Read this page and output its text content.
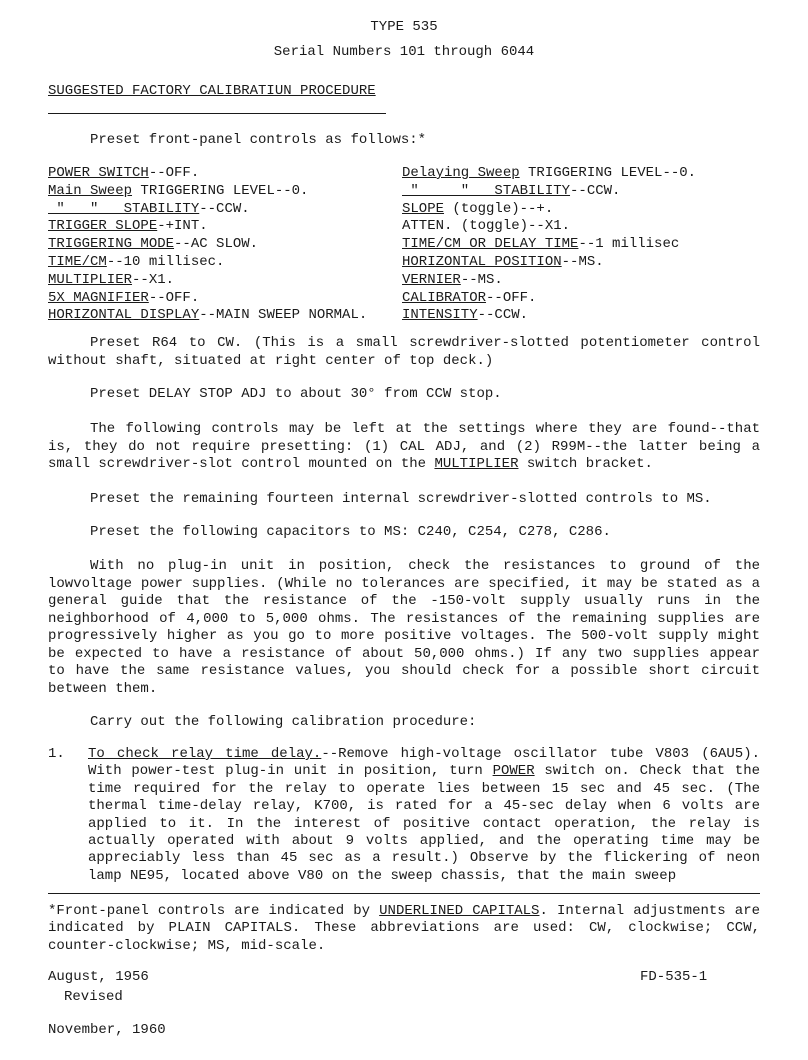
TYPE 535
Serial Numbers 101 through 6044
SUGGESTED FACTORY CALIBRATIUN PROCEDURE
Preset front-panel controls as follows:*
POWER SWITCH--OFF.
Main Sweep TRIGGERING LEVEL--0.
"   "   STABILITY--CCW.
TRIGGER SLOPE-+INT.
TRIGGERING MODE--AC SLOW.
TIME/CM--10 millisec.
MULTIPLIER--X1.
5X MAGNIFIER--OFF.
HORIZONTAL DISPLAY--MAIN SWEEP NORMAL.
Delaying Sweep TRIGGERING LEVEL--0.
"     "   STABILITY--CCW.
SLOPE (toggle)--+.
ATTEN. (toggle)--X1.
TIME/CM OR DELAY TIME--1 millisec
HORIZONTAL POSITION--MS.
VERNIER--MS.
CALIBRATOR--OFF.
INTENSITY--CCW.
Preset R64 to CW. (This is a small screwdriver-slotted potentiometer control without shaft, situated at right center of top deck.)
Preset DELAY STOP ADJ to about 30° from CCW stop.
The following controls may be left at the settings where they are found--that is, they do not require presetting: (1) CAL ADJ, and (2) R99M--the latter being a small screwdriver-slot control mounted on the MULTIPLIER switch bracket.
Preset the remaining fourteen internal screwdriver-slotted controls to MS.
Preset the following capacitors to MS: C240, C254, C278, C286.
With no plug-in unit in position, check the resistances to ground of the lowvoltage power supplies. (While no tolerances are specified, it may be stated as a general guide that the resistance of the -150-volt supply usually runs in the neighborhood of 4,000 to 5,000 ohms. The resistances of the remaining supplies are progressively higher as you go to more positive voltages. The 500-volt supply might be expected to have a resistance of about 50,000 ohms.) If any two supplies appear to have the same resistance values, you should check for a possible short circuit between them.
Carry out the following calibration procedure:
1. To check relay time delay.--Remove high-voltage oscillator tube V803 (6AU5). With power-test plug-in unit in position, turn POWER switch on. Check that the time required for the relay to operate lies between 15 sec and 45 sec. (The thermal time-delay relay, K700, is rated for a 45-sec delay when 6 volts are applied to it. In the interest of positive contact operation, the relay is actually operated with about 9 volts applied, and the operating time may be appreciably less than 45 sec as a result.) Observe by the flickering of neon lamp NE95, located above V80 on the sweep chassis, that the main sweep
*Front-panel controls are indicated by UNDERLINED CAPITALS. Internal adjustments are indicated by PLAIN CAPITALS. These abbreviations are used: CW, clockwise; CCW, counter-clockwise; MS, mid-scale.
August, 1956
Revised
November, 1960
FD-535-1
